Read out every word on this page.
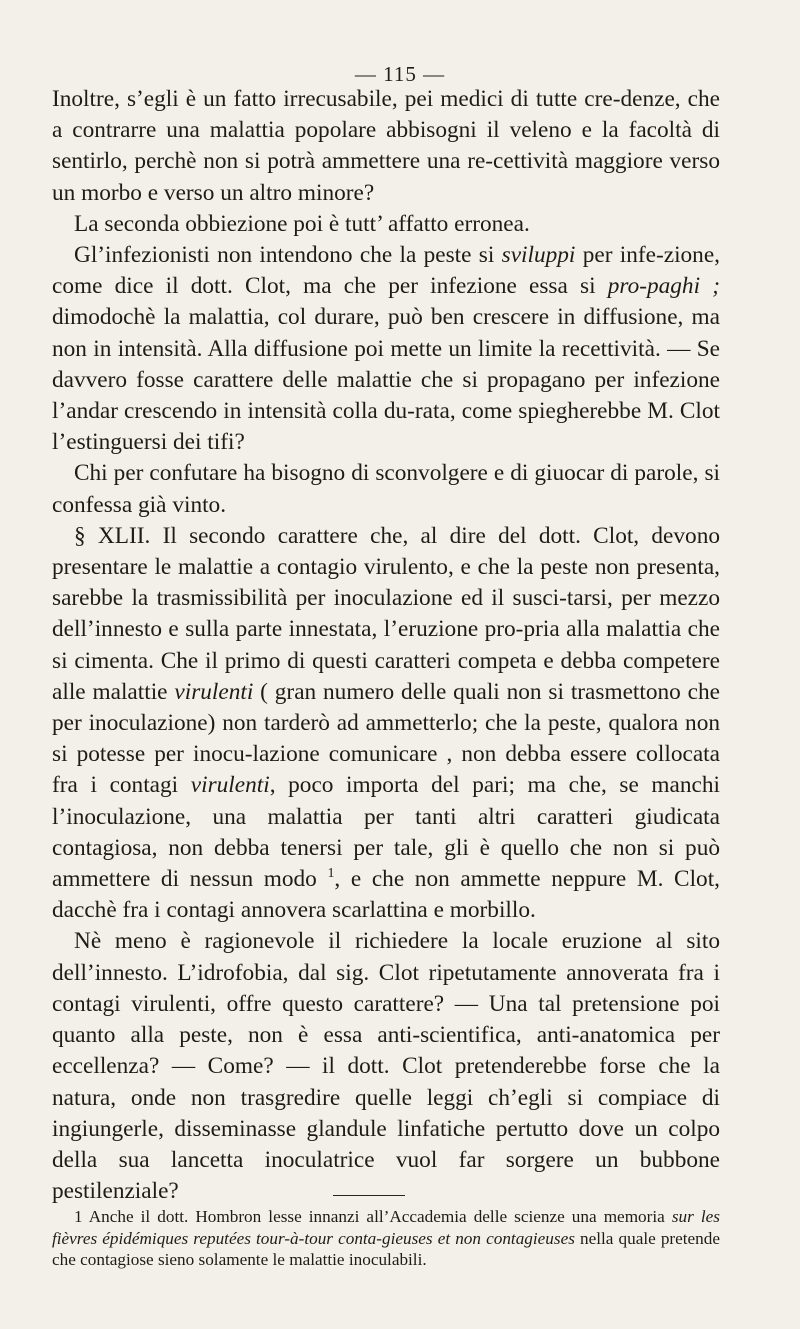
— 115 —

Inoltre, s’egli è un fatto irrecusabile, pei medici di tutte cre-denze, che a contrarre una malattia popolare abbisogni il veleno e la facoltà di sentirlo, perchè non si potrà ammettere una re-cettività maggiore verso un morbo e verso un altro minore?

La seconda obbiezione poi è tutt’ affatto erronea.

Gl’infezionisti non intendono che la peste si sviluppi per infe-zione, come dice il dott. Clot, ma che per infezione essa si pro-paghi ; dimodochè la malattia, col durare, può ben crescere in diffusione, ma non in intensità. Alla diffusione poi mette un limite la recettività. — Se davvero fosse carattere delle malattie che si propagano per infezione l’andar crescendo in intensità colla du-rata, come spiegherebbe M. Clot l’estinguersi dei tifi?

Chi per confutare ha bisogno di sconvolgere e di giuocar di parole, si confessa già vinto.

§ XLII. Il secondo carattere che, al dire del dott. Clot, devono presentare le malattie a contagio virulento, e che la peste non presenta, sarebbe la trasmissibilità per inoculazione ed il susci-tarsi, per mezzo dell’innesto e sulla parte innestata, l’eruzione pro-pria alla malattia che si cimenta. Che il primo di questi caratteri competa e debba competere alle malattie virulenti ( gran numero delle quali non si trasmettono che per inoculazione) non tarderò ad ammetterlo; che la peste, qualora non si potesse per inocu-lazione comunicare , non debba essere collocata fra i contagi virulenti, poco importa del pari; ma che, se manchi l’inoculazione, una malattia per tanti altri caratteri giudicata contagiosa, non debba tenersi per tale, gli è quello che non si può ammettere di nessun modo $^1$, e che non ammette neppure M. Clot, dacchè fra i contagi annovera scarlattina e morbillo.

Nè meno è ragionevole il richiedere la locale eruzione al sito dell’innesto. L’idrofobia, dal sig. Clot ripetutamente annoverata fra i contagi virulenti, offre questo carattere? — Una tal pretensione poi quanto alla peste, non è essa anti-scientifica, anti-anatomica per eccellenza? — Come? — il dott. Clot pretenderebbe forse che la natura, onde non trasgredire quelle leggi ch’egli si compiace di ingiungerle, disseminasse glandule linfatiche pertutto dove un colpo della sua lancetta inoculatrice vuol far sorgere un bubbone pestilenziale?

1 Anche il dott. Hombron lesse innanzi all’Accademia delle scienze una memoria sur les fièvres épidémiques reputées tour-à-tour conta-gieuses et non contagieuses nella quale pretende che contagiose sieno solamente le malattie inoculabili.
